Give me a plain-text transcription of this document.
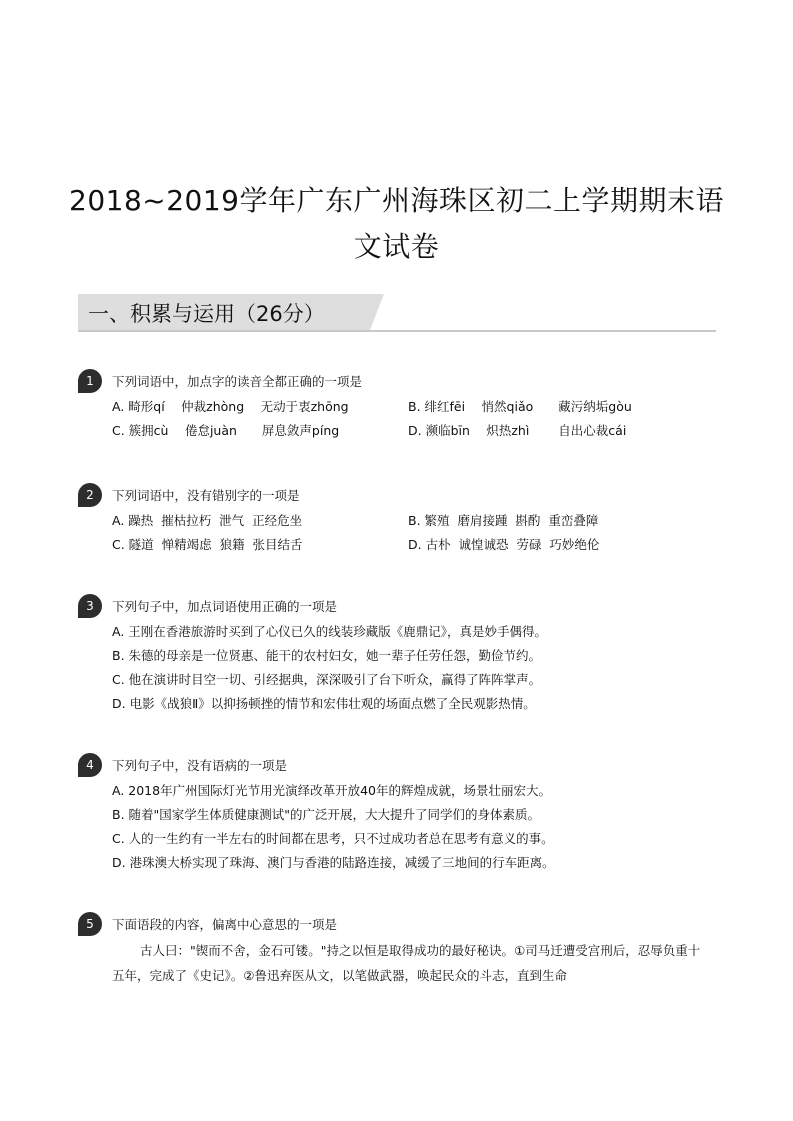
2018~2019学年广东广州海珠区初二上学期期末语
文试卷
一、积累与运用（26分）
1	下列词语中，加点字的读音全都正确的一项是
A. 畸形qí　 仲裁zhòng　 无动于衷zhōng	B. 绯红fēi　 悄然qiǎo　　藏污纳垢gòu
C. 簇拥cù　 倦怠juàn　　屏息敛声píng	D. 濒临bīn　 炽热zhì　　 自出心裁cái
2	下列词语中，没有错别字的一项是
A. 躁热  摧枯拉朽  泄气  正经危坐	B. 繁殖  磨肩接踵  斟酌  重峦叠障
C. 隧道  惮精竭虑  狼籍  张目结舌	D. 古朴  诚惶诚恐  劳碌  巧妙绝伦
3	下列句子中，加点词语使用正确的一项是
A. 王刚在香港旅游时买到了心仪已久的线装珍藏版《鹿鼎记》，真是妙手偶得。
B. 朱德的母亲是一位贤惠、能干的农村妇女，她一辈子任劳任怨，勤俭节约。
C. 他在演讲时目空一切、引经据典，深深吸引了台下听众，赢得了阵阵掌声。
D. 电影《战狼Ⅱ》以抑扬顿挫的情节和宏伟壮观的场面点燃了全民观影热情。
4	下列句子中，没有语病的一项是
A. 2018年广州国际灯光节用光演绎改革开放40年的辉煌成就，场景壮丽宏大。
B. 随着"国家学生体质健康测试"的广泛开展，大大提升了同学们的身体素质。
C. 人的一生约有一半左右的时间都在思考，只不过成功者总在思考有意义的事。
D. 港珠澳大桥实现了珠海、澳门与香港的陆路连接，减缓了三地间的行车距离。
5	下面语段的内容，偏离中心意思的一项是
古人曰："锲而不舍，金石可镂。"持之以恒是取得成功的最好秘诀。①司马迁遭受宫刑后，忍辱负重十五年，完成了《史记》。②鲁迅弃医从文，以笔做武器，唤起民众的斗志，直到生命
